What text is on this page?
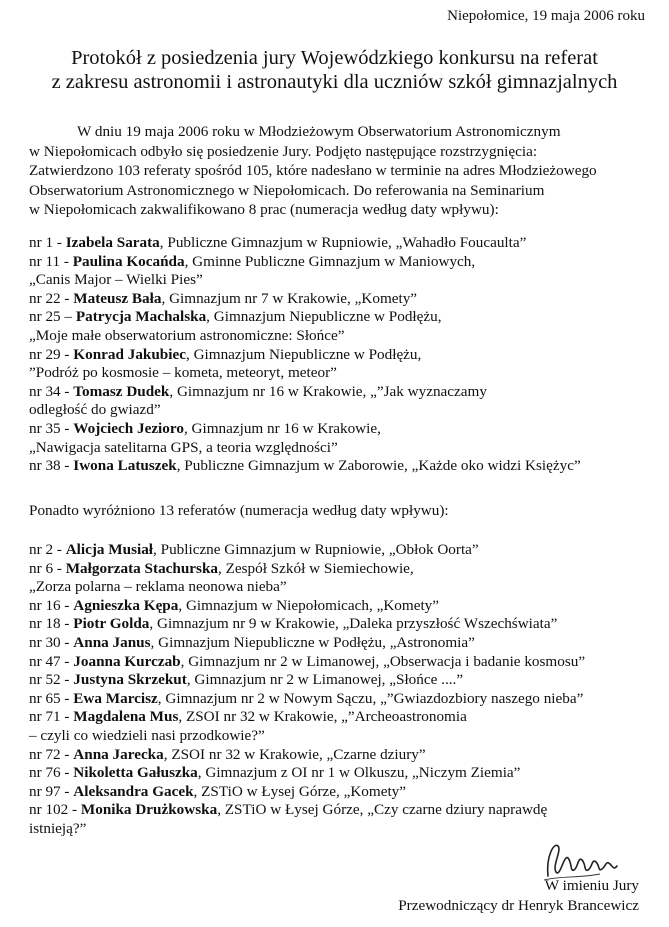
Niepołomice, 19 maja 2006 roku
Protokół z posiedzenia jury Wojewódzkiego konkursu na referat
z zakresu astronomii i astronautyki dla uczniów szkół gimnazjalnych
W dniu 19 maja 2006 roku w Młodzieżowym Obserwatorium Astronomicznym
w Niepołomicach odbyło się posiedzenie Jury. Podjęto następujące rozstrzygnięcia:
Zatwierdzono 103 referaty spośród 105, które nadesłano w terminie na adres Młodzieżowego
Obserwatorium Astronomicznego w Niepołomicach. Do referowania na Seminarium
w Niepołomicach zakwalifikowano 8 prac (numeracja według daty wpływu):
nr 1 - Izabela Sarata, Publiczne Gimnazjum w Rupniowie, „Wahadło Foucaulta”
nr 11 - Paulina Kocańda, Gminne Publiczne Gimnazjum w Maniowych,
„Canis Major – Wielki Pies”
nr 22 - Mateusz Bała, Gimnazjum nr 7 w Krakowie, „Komety”
nr 25 – Patrycja Machalska, Gimnazjum Niepubliczne w Podłężu,
„Moje małe obserwatorium astronomiczne: Słońce”
nr 29 - Konrad Jakubiec, Gimnazjum Niepubliczne w Podłężu,
”Podróż po kosmosie – kometa, meteoryt, meteor”
nr 34 - Tomasz Dudek, Gimnazjum nr 16 w Krakowie, „”Jak wyznaczamy
odległość do gwiazd”
nr 35 - Wojciech Jezioro, Gimnazjum nr 16 w Krakowie,
„Nawigacja satelitarna GPS, a teoria względności”
nr 38 - Iwona Latuszek, Publiczne Gimnazjum w Zaborowie, „Każde oko widzi Księżyc”
Ponadto wyróżniono 13 referatów (numeracja według daty wpływu):
nr 2 - Alicja Musiał, Publiczne Gimnazjum w Rupniowie, „Obłok Oorta”
nr 6 - Małgorzata Stachurska, Zespół Szkół w Siemiechowie,
„Zorza polarna – reklama neonowa nieba”
nr 16 - Agnieszka Kępa, Gimnazjum w Niepołomicach, „Komety”
nr 18 - Piotr Golda, Gimnazjum nr 9 w Krakowie, „Daleka przyszłość Wszechświata”
nr 30 - Anna Janus, Gimnazjum Niepubliczne w Podłężu, „Astronomia”
nr 47 - Joanna Kurczab, Gimnazjum nr 2 w Limanowej, „Obserwacja i badanie kosmosu”
nr 52 - Justyna Skrzekut, Gimnazjum nr 2 w Limanowej, „Słońce ....”
nr 65 - Ewa Marcisz, Gimnazjum nr 2 w Nowym Sączu, „”Gwiazdozbiory naszego nieba”
nr 71 - Magdalena Mus, ZSOI nr 32 w Krakowie, „”Archeoastronomia
– czyli co wiedzieli nasi przodkowie?”
nr 72 - Anna Jarecka, ZSOI nr 32 w Krakowie, „Czarne dziury”
nr 76 - Nikoletta Gałuszka, Gimnazjum z OI nr 1 w Olkuszu, „Niczym Ziemia”
nr 97 - Aleksandra Gacek, ZSTiO w Łysej Górze, „Komety”
nr 102 - Monika Drużkowska, ZSTiO w Łysej Górze, „Czy czarne dziury naprawdę
istnieją?”
W imieniu Jury
Przewodniczący dr Henryk Brancewicz
